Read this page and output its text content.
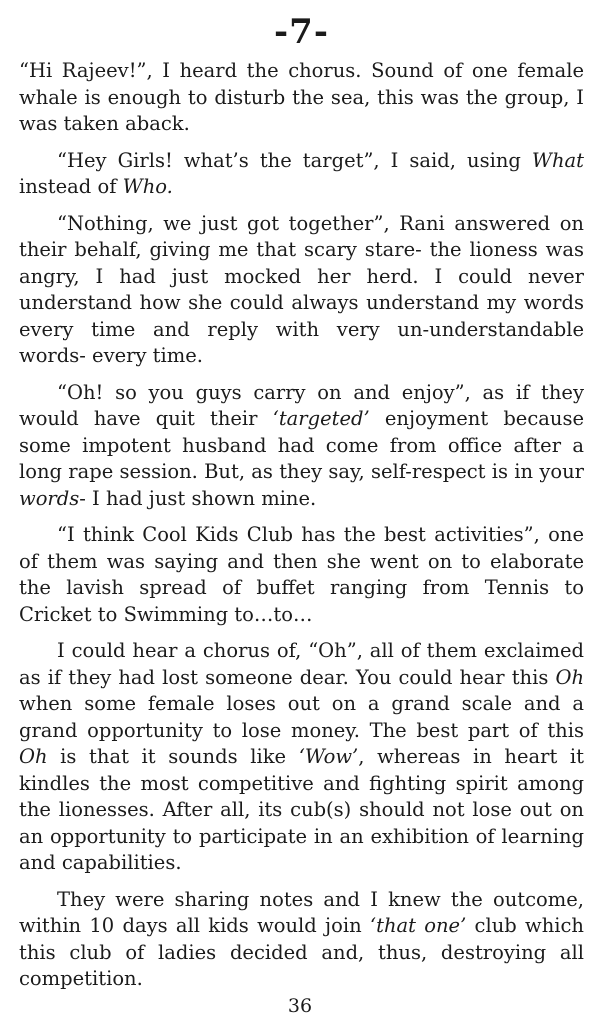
-7-

“Hi Rajeev!”, I heard the chorus. Sound of one female whale is enough to disturb the sea, this was the group, I was taken aback.

“Hey Girls! what’s the target”, I said, using What instead of Who.

“Nothing, we just got together”, Rani answered on their behalf, giving me that scary stare- the lioness was angry, I had just mocked her herd. I could never understand how she could always understand my words every time and reply with very un-understandable words- every time.

“Oh! so you guys carry on and enjoy”, as if they would have quit their ‘targeted’ enjoyment because some impotent husband had come from office after a long rape session. But, as they say, self-respect is in your words- I had just shown mine.

“I think Cool Kids Club has the best activities”, one of them was saying and then she went on to elaborate the lavish spread of buffet ranging from Tennis to Cricket to Swimming to…to…

I could hear a chorus of, “Oh”, all of them exclaimed as if they had lost someone dear. You could hear this Oh when some female loses out on a grand scale and a grand opportunity to lose money. The best part of this Oh is that it sounds like ‘Wow’, whereas in heart it kindles the most competitive and fighting spirit among the lionesses. After all, its cub(s) should not lose out on an opportunity to participate in an exhibition of learning and capabilities.

They were sharing notes and I knew the outcome, within 10 days all kids would join ‘that one’ club which this club of ladies decided and, thus, destroying all competition.

36
